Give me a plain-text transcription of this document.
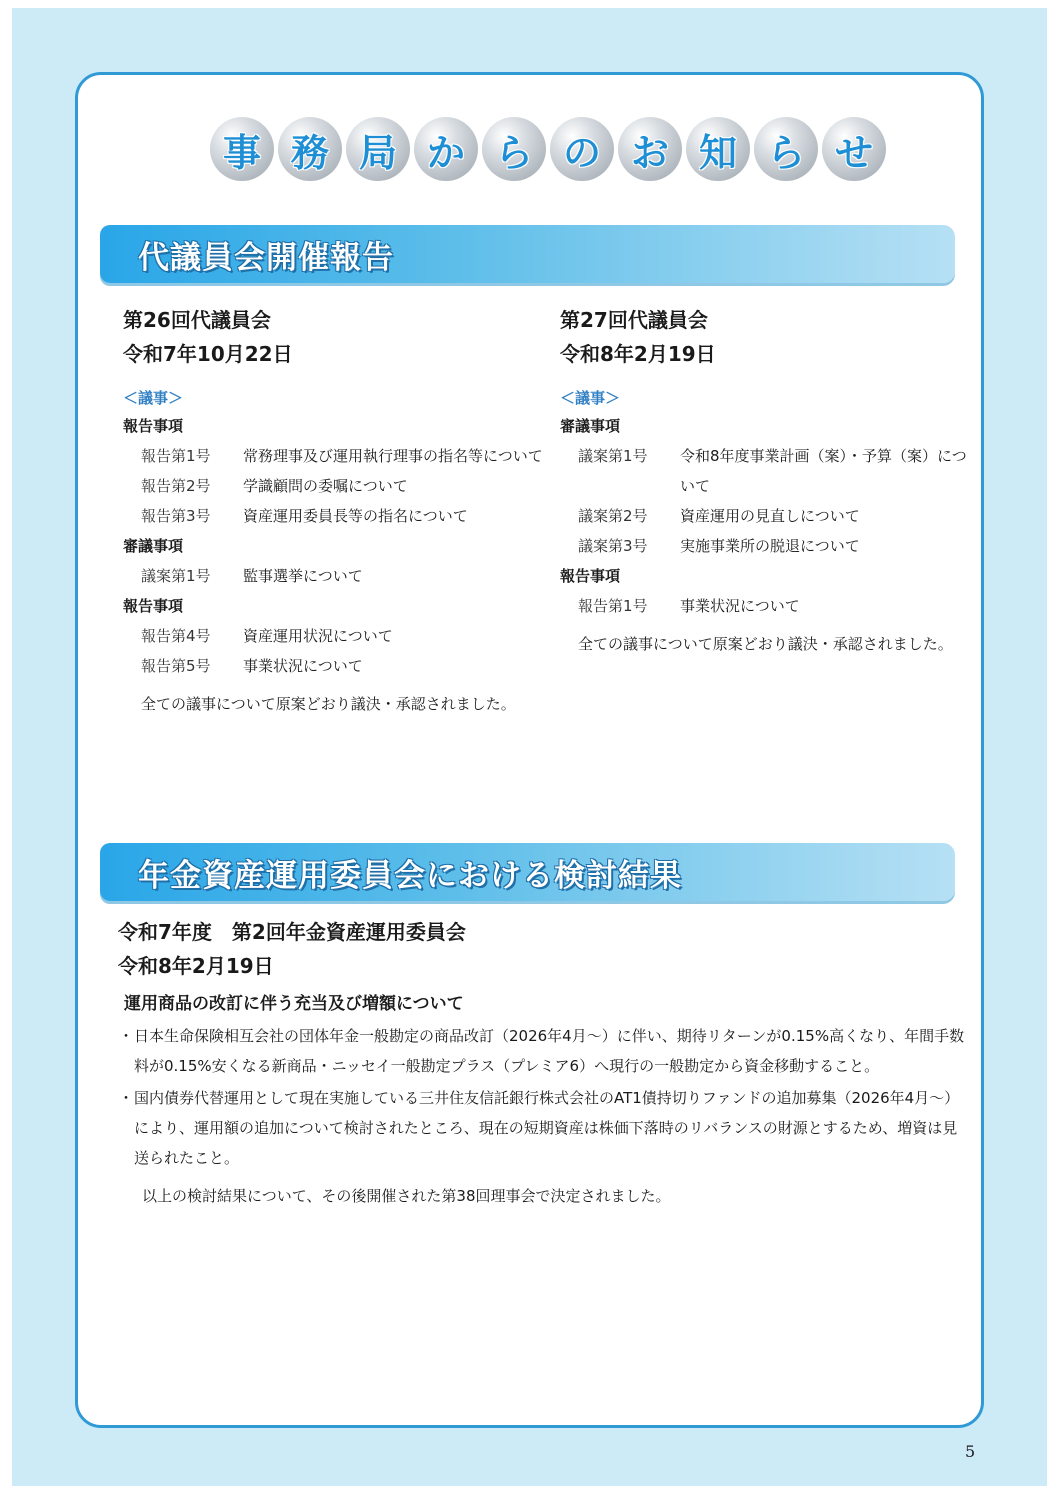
事 務 局 か ら の お 知 ら せ
代議員会開催報告
第26回代議員会
令和7年10月22日
＜議事＞
報告事項
報告第1号	常務理事及び運用執行理事の指名等について
報告第2号	学識顧問の委嘱について
報告第3号	資産運用委員長等の指名について
審議事項
議案第1号	監事選挙について
報告事項
報告第4号	資産運用状況について
報告第5号	事業状況について
全ての議事について原案どおり議決・承認されました。
第27回代議員会
令和8年2月19日
＜議事＞
審議事項
議案第1号	令和8年度事業計画（案）・予算（案）について
議案第2号	資産運用の見直しについて
議案第3号	実施事業所の脱退について
報告事項
報告第1号	事業状況について
全ての議事について原案どおり議決・承認されました。
年金資産運用委員会における検討結果
令和7年度　第2回年金資産運用委員会
令和8年2月19日
運用商品の改訂に伴う充当及び増額について
・ 日本生命保険相互会社の団体年金一般勘定の商品改訂（2026年4月～）に伴い、期待リターンが0.15%高くなり、年間手数料が0.15%安くなる新商品・ニッセイ一般勘定プラス（プレミア6）へ現行の一般勘定から資金移動すること。
・ 国内債券代替運用として現在実施している三井住友信託銀行株式会社のAT1債持切りファンドの追加募集（2026年4月～）により、運用額の追加について検討されたところ、現在の短期資産は株価下落時のリバランスの財源とするため、増資は見送られたこと。
以上の検討結果について、その後開催された第38回理事会で決定されました。
5
